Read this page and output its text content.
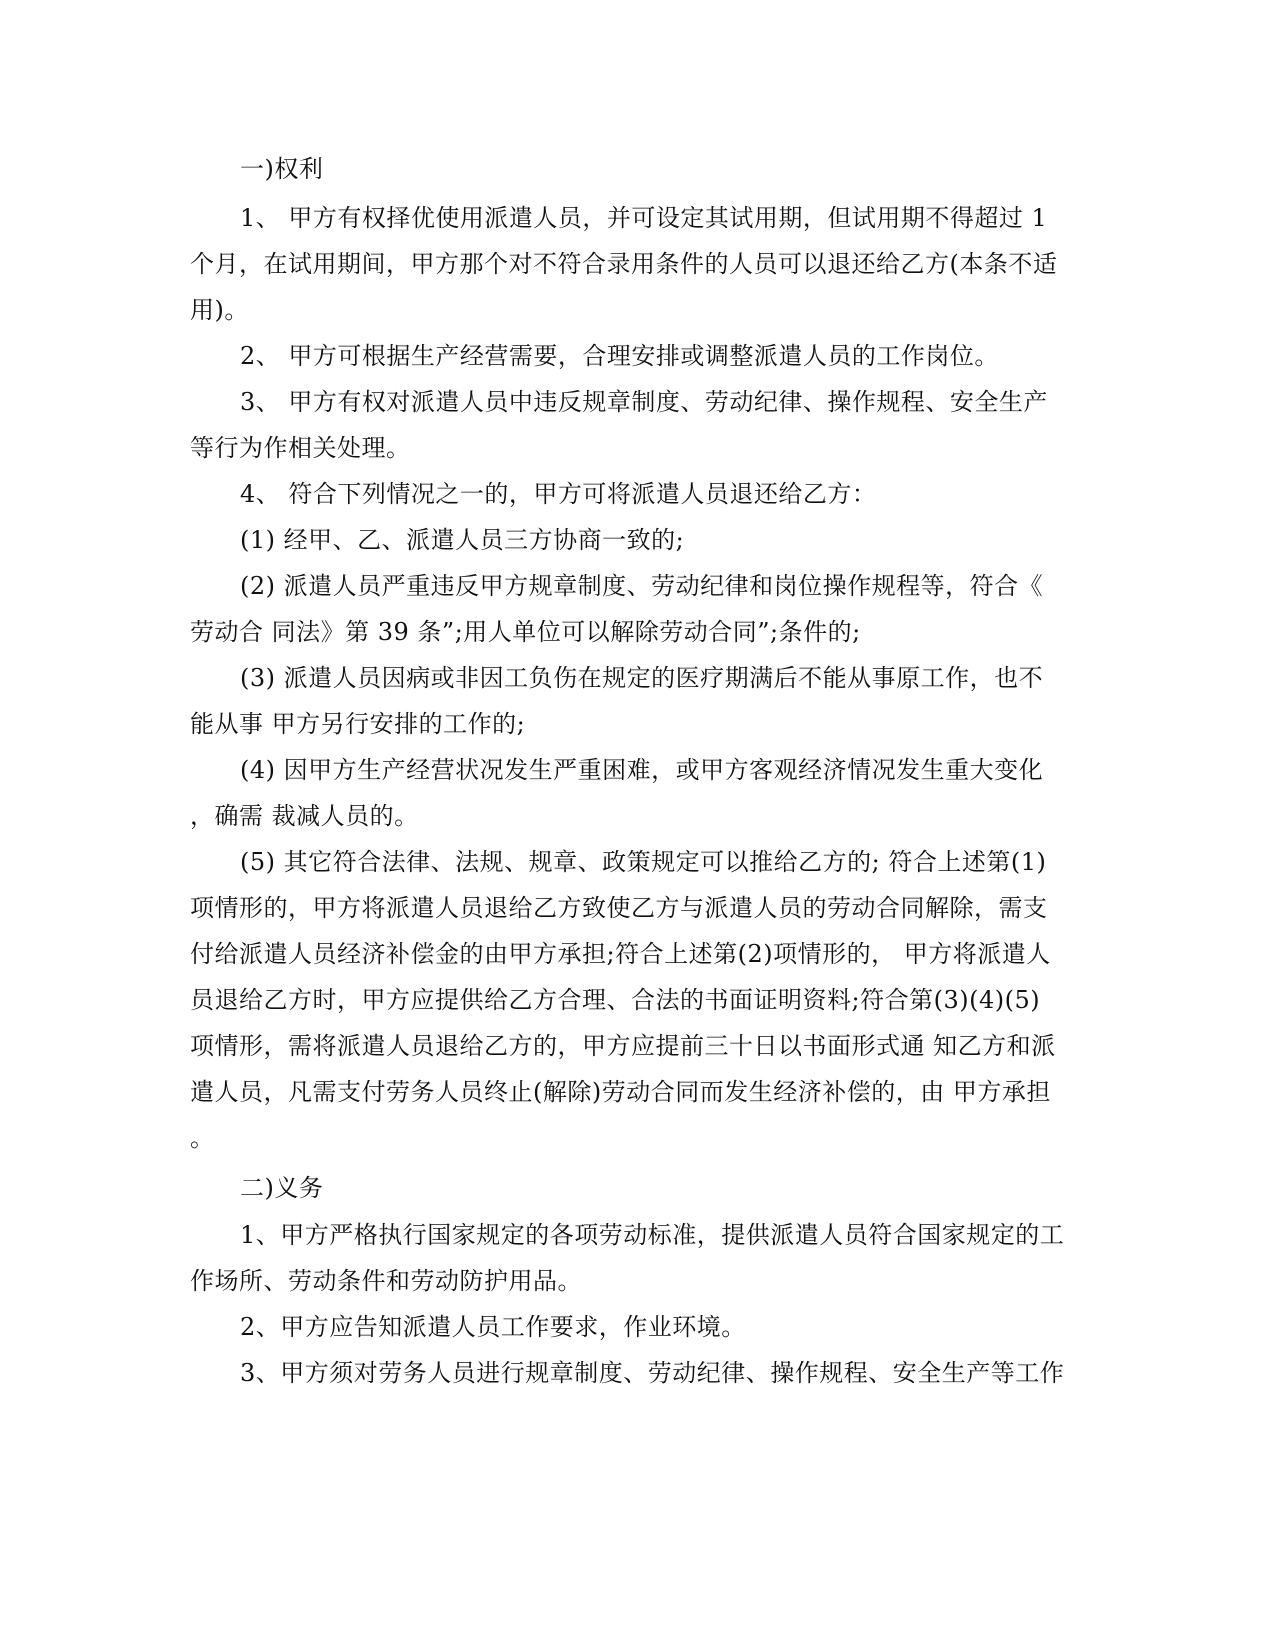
一)权利
1、 甲方有权择优使用派遣人员，并可设定其试用期，但试用期不得超过 1
个月，在试用期间，甲方那个对不符合录用条件的人员可以退还给乙方(本条不适
用)。
2、 甲方可根据生产经营需要，合理安排或调整派遣人员的工作岗位。
3、 甲方有权对派遣人员中违反规章制度、劳动纪律、操作规程、安全生产
等行为作相关处理。
4、 符合下列情况之一的，甲方可将派遣人员退还给乙方：
(1) 经甲、乙、派遣人员三方协商一致的;
(2) 派遣人员严重违反甲方规章制度、劳动纪律和岗位操作规程等，符合《
劳动合 同法》第 39 条”;用人单位可以解除劳动合同”;条件的;
(3) 派遣人员因病或非因工负伤在规定的医疗期满后不能从事原工作，也不
能从事 甲方另行安排的工作的;
(4) 因甲方生产经营状况发生严重困难，或甲方客观经济情况发生重大变化
，确需 裁减人员的。
(5) 其它符合法律、法规、规章、政策规定可以推给乙方的; 符合上述第(1)
项情形的，甲方将派遣人员退给乙方致使乙方与派遣人员的劳动合同解除，需支
付给派遣人员经济补偿金的由甲方承担;符合上述第(2)项情形的， 甲方将派遣人
员退给乙方时，甲方应提供给乙方合理、合法的书面证明资料;符合第(3)(4)(5)
项情形，需将派遣人员退给乙方的，甲方应提前三十日以书面形式通 知乙方和派
遣人员，凡需支付劳务人员终止(解除)劳动合同而发生经济补偿的，由 甲方承担
。
二)义务
1、甲方严格执行国家规定的各项劳动标准，提供派遣人员符合国家规定的工
作场所、劳动条件和劳动防护用品。
2、甲方应告知派遣人员工作要求，作业环境。
3、甲方须对劳务人员进行规章制度、劳动纪律、操作规程、安全生产等工作
